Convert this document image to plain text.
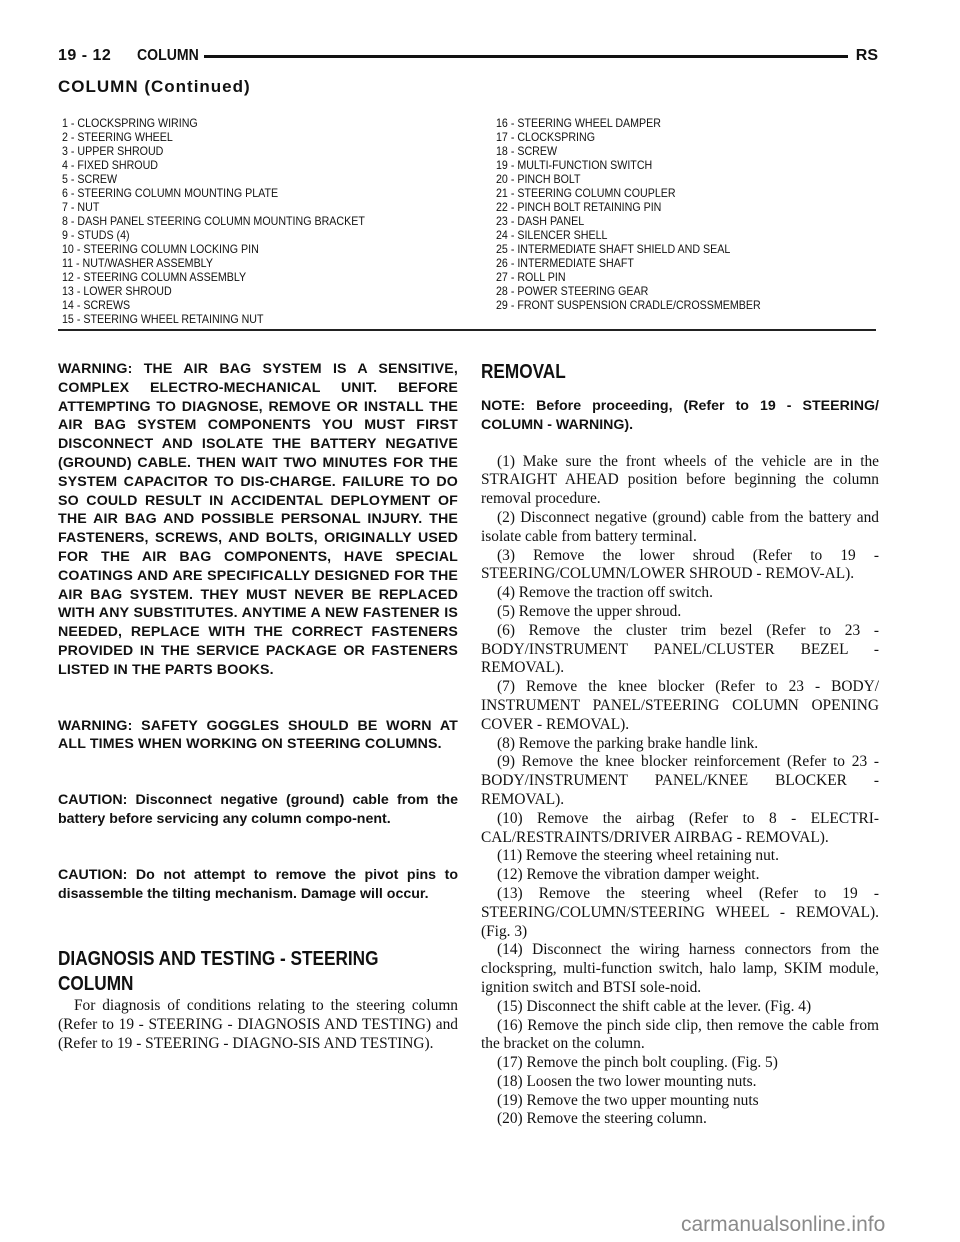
19 - 12 COLUMN	RS
COLUMN (Continued)
1 - CLOCKSPRING WIRING
2 - STEERING WHEEL
3 - UPPER SHROUD
4 - FIXED SHROUD
5 - SCREW
6 - STEERING COLUMN MOUNTING PLATE
7 - NUT
8 - DASH PANEL STEERING COLUMN MOUNTING BRACKET
9 - STUDS (4)
10 - STEERING COLUMN LOCKING PIN
11 - NUT/WASHER ASSEMBLY
12 - STEERING COLUMN ASSEMBLY
13 - LOWER SHROUD
14 - SCREWS
15 - STEERING WHEEL RETAINING NUT
16 - STEERING WHEEL DAMPER
17 - CLOCKSPRING
18 - SCREW
19 - MULTI-FUNCTION SWITCH
20 - PINCH BOLT
21 - STEERING COLUMN COUPLER
22 - PINCH BOLT RETAINING PIN
23 - DASH PANEL
24 - SILENCER SHELL
25 - INTERMEDIATE SHAFT SHIELD AND SEAL
26 - INTERMEDIATE SHAFT
27 - ROLL PIN
28 - POWER STEERING GEAR
29 - FRONT SUSPENSION CRADLE/CROSSMEMBER

WARNING: THE AIR BAG SYSTEM IS A SENSITIVE, COMPLEX ELECTRO-MECHANICAL UNIT. BEFORE ATTEMPTING TO DIAGNOSE, REMOVE OR INSTALL THE AIR BAG SYSTEM COMPONENTS YOU MUST FIRST DISCONNECT AND ISOLATE THE BATTERY NEGATIVE (GROUND) CABLE. THEN WAIT TWO MINUTES FOR THE SYSTEM CAPACITOR TO DIS-CHARGE. FAILURE TO DO SO COULD RESULT IN ACCIDENTAL DEPLOYMENT OF THE AIR BAG AND POSSIBLE PERSONAL INJURY. THE FASTENERS, SCREWS, AND BOLTS, ORIGINALLY USED FOR THE AIR BAG COMPONENTS, HAVE SPECIAL COATINGS AND ARE SPECIFICALLY DESIGNED FOR THE AIR BAG SYSTEM. THEY MUST NEVER BE REPLACED WITH ANY SUBSTITUTES. ANYTIME A NEW FASTENER IS NEEDED, REPLACE WITH THE CORRECT FASTENERS PROVIDED IN THE SERVICE PACKAGE OR FASTENERS LISTED IN THE PARTS BOOKS.

WARNING: SAFETY GOGGLES SHOULD BE WORN AT ALL TIMES WHEN WORKING ON STEERING COLUMNS.

CAUTION: Disconnect negative (ground) cable from the battery before servicing any column compo-nent.

CAUTION: Do not attempt to remove the pivot pins to disassemble the tilting mechanism. Damage will occur.

DIAGNOSIS AND TESTING - STEERING
COLUMN

For diagnosis of conditions relating to the steering column (Refer to 19 - STEERING - DIAGNOSIS AND TESTING) and (Refer to 19 - STEERING - DIAGNO-SIS AND TESTING).

REMOVAL

NOTE: Before proceeding, (Refer to 19 - STEERING/ COLUMN - WARNING).

(1) Make sure the front wheels of the vehicle are in the STRAIGHT AHEAD position before beginning the column removal procedure.

(2) Disconnect negative (ground) cable from the battery and isolate cable from battery terminal.

(3) Remove the lower shroud (Refer to 19 - STEERING/COLUMN/LOWER SHROUD - REMOV-AL).

(4) Remove the traction off switch.

(5) Remove the upper shroud.

(6) Remove the cluster trim bezel (Refer to 23 - BODY/INSTRUMENT PANEL/CLUSTER BEZEL - REMOVAL).

(7) Remove the knee blocker (Refer to 23 - BODY/ INSTRUMENT PANEL/STEERING COLUMN OPENING COVER - REMOVAL).

(8) Remove the parking brake handle link.

(9) Remove the knee blocker reinforcement (Refer to 23 - BODY/INSTRUMENT PANEL/KNEE BLOCKER - REMOVAL).

(10) Remove the airbag (Refer to 8 - ELECTRI-CAL/RESTRAINTS/DRIVER AIRBAG - REMOVAL).

(11) Remove the steering wheel retaining nut.

(12) Remove the vibration damper weight.

(13) Remove the steering wheel (Refer to 19 - STEERING/COLUMN/STEERING WHEEL - REMOVAL). (Fig. 3)

(14) Disconnect the wiring harness connectors from the clockspring, multi-function switch, halo lamp, SKIM module, ignition switch and BTSI sole-noid.

(15) Disconnect the shift cable at the lever. (Fig. 4)

(16) Remove the pinch side clip, then remove the cable from the bracket on the column.

(17) Remove the pinch bolt coupling. (Fig. 5)

(18) Loosen the two lower mounting nuts.

(19) Remove the two upper mounting nuts

(20) Remove the steering column.

carmanualsonline.info
